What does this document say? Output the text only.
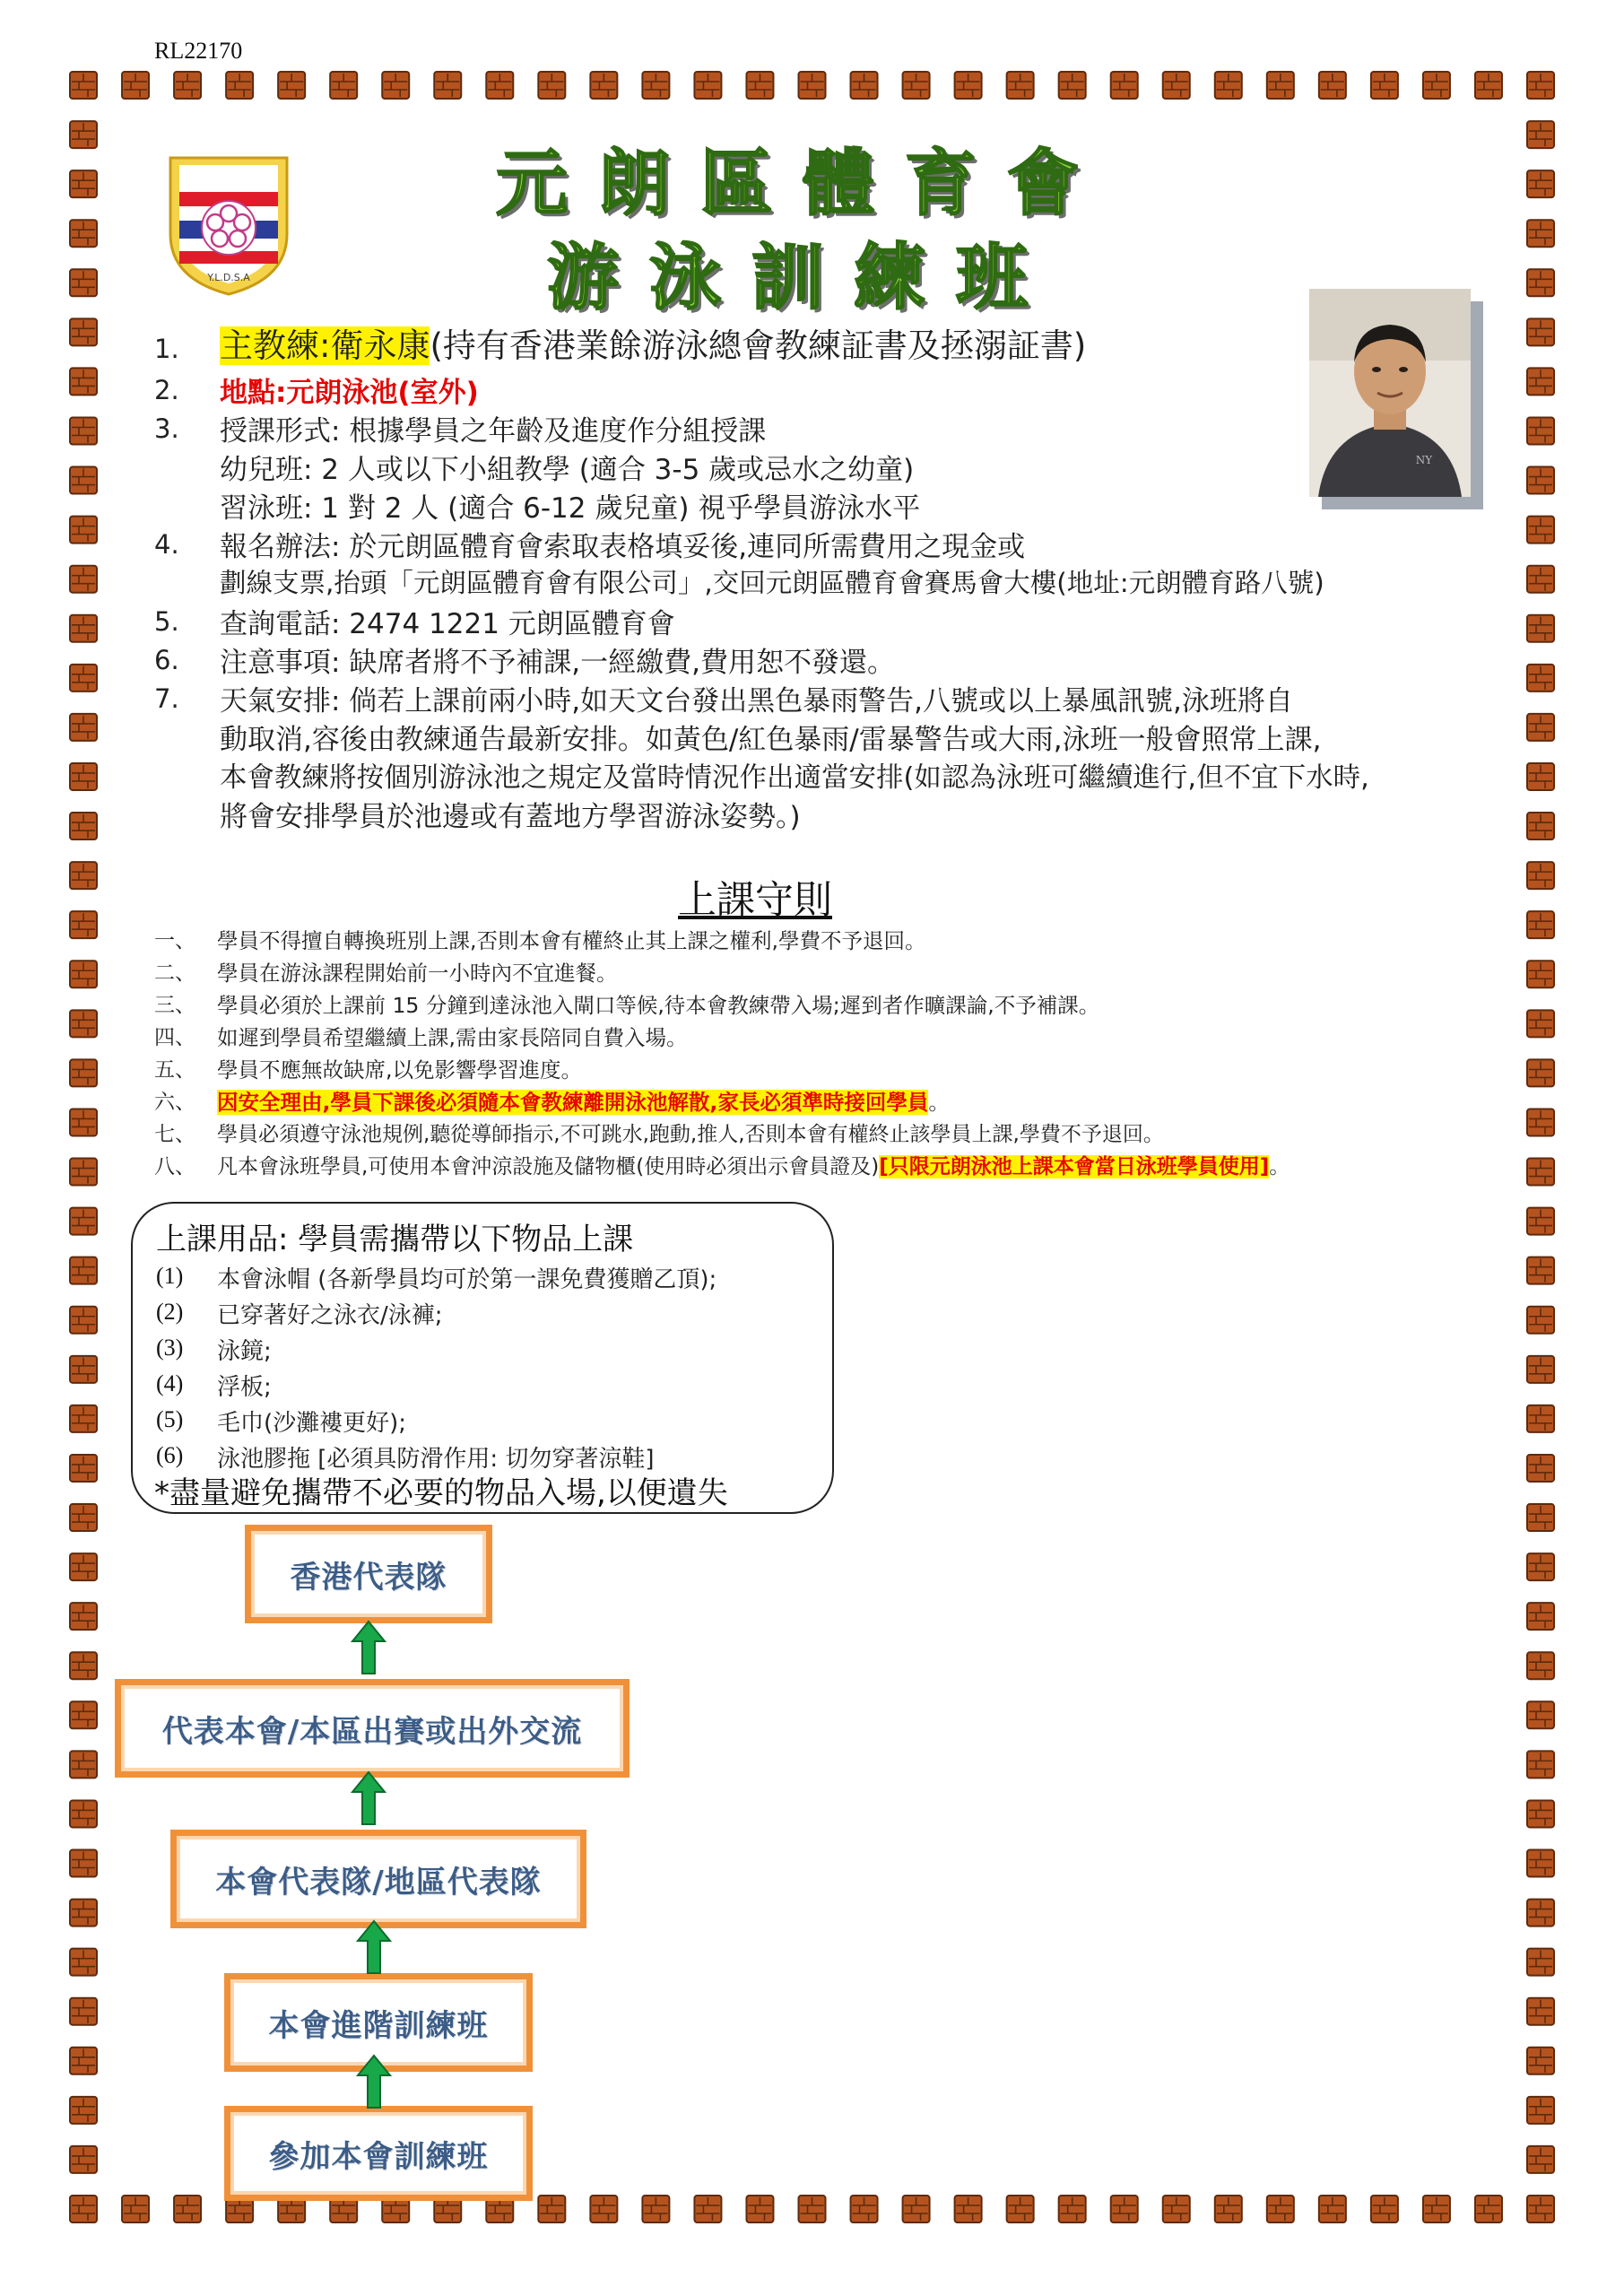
RL22170
Y.L.D.S.A
元朗區體育會
游泳訓練班
NY
1. 主教練:衛永康(持有香港業餘游泳總會教練証書及拯溺証書)
2. 地點:元朗泳池(室外)
3. 授課形式: 根據學員之年齡及進度作分組授課
幼兒班: 2 人或以下小組教學 (適合 3-5 歲或忌水之幼童)
習泳班: 1 對 2 人 (適合 6-12 歲兒童) 視乎學員游泳水平
4. 報名辦法: 於元朗區體育會索取表格填妥後,連同所需費用之現金或
劃線支票,抬頭「元朗區體育會有限公司」,交回元朗區體育會賽馬會大樓(地址:元朗體育路八號)
5. 查詢電話: 2474 1221 元朗區體育會
6. 注意事項: 缺席者將不予補課,一經繳費,費用恕不發還。
7. 天氣安排: 倘若上課前兩小時,如天文台發出黑色暴雨警告,八號或以上暴風訊號,泳班將自
動取消,容後由教練通告最新安排。如黃色/紅色暴雨/雷暴警告或大雨,泳班一般會照常上課,
本會教練將按個別游泳池之規定及當時情況作出適當安排(如認為泳班可繼續進行,但不宜下水時,
將會安排學員於池邊或有蓋地方學習游泳姿勢。)
上課守則
一、 學員不得擅自轉換班別上課,否則本會有權終止其上課之權利,學費不予退回。
二、 學員在游泳課程開始前一小時內不宜進餐。
三、 學員必須於上課前 15 分鐘到達泳池入閘口等候,待本會教練帶入場;遲到者作曠課論,不予補課。
四、 如遲到學員希望繼續上課,需由家長陪同自費入場。
五、 學員不應無故缺席,以免影響學習進度。
六、 因安全理由,學員下課後必須隨本會教練離開泳池解散,家長必須準時接回學員。
七、 學員必須遵守泳池規例,聽從導師指示,不可跳水,跑動,推人,否則本會有權終止該學員上課,學費不予退回。
八、 凡本會泳班學員,可使用本會沖涼設施及儲物櫃(使用時必須出示會員證及)[只限元朗泳池上課本會當日泳班學員使用]。
上課用品: 學員需攜帶以下物品上課
(1) 本會泳帽 (各新學員均可於第一課免費獲贈乙頂);
(2) 已穿著好之泳衣/泳褲;
(3) 泳鏡;
(4) 浮板;
(5) 毛巾(沙灘褸更好);
(6) 泳池膠拖 [必須具防滑作用: 切勿穿著涼鞋]
*盡量避免攜帶不必要的物品入場,以便遺失
香港代表隊
代表本會/本區出賽或出外交流
本會代表隊/地區代表隊
本會進階訓練班
參加本會訓練班
